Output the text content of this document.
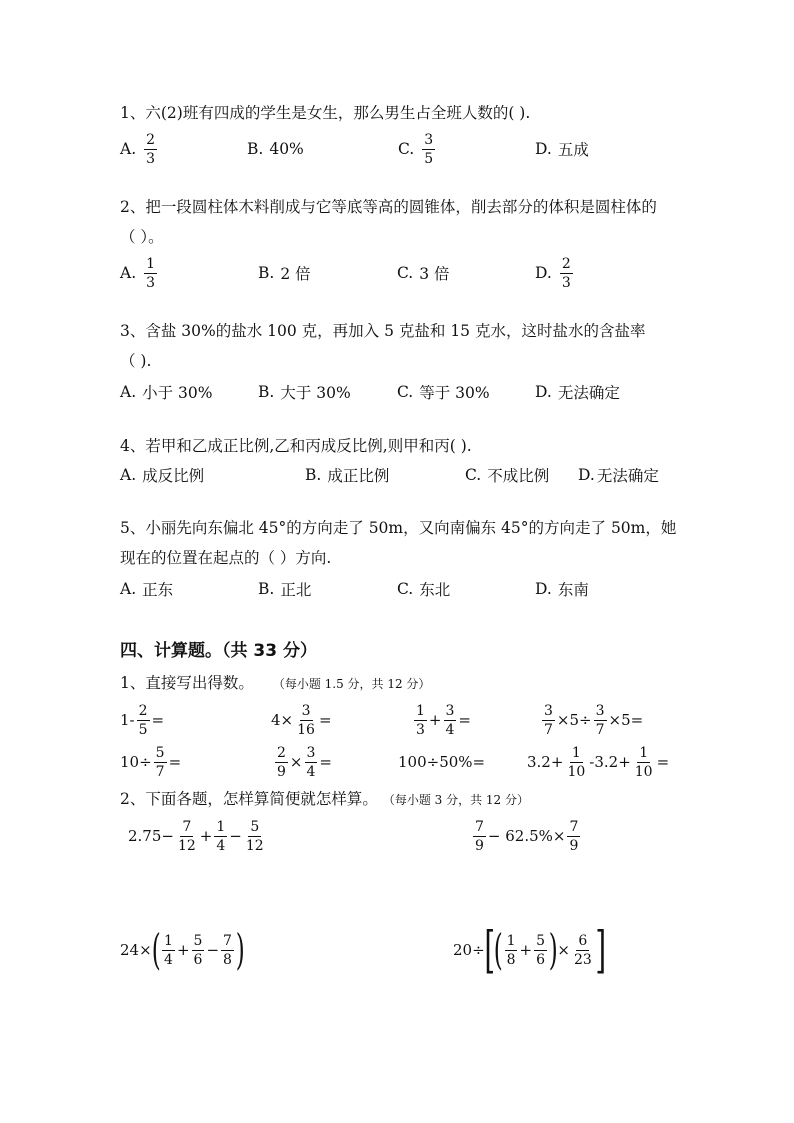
1、六(2)班有四成的学生是女生，那么男生占全班人数的( ).
A. $\frac{2}{3}$	B. 40%	C. $\frac{3}{5}$	D. 五成
2、把一段圆柱体木料削成与它等底等高的圆锥体，削去部分的体积是圆柱体的
（ ）。
A. $\frac{1}{3}$	B. 2 倍	C. 3 倍	D. $\frac{2}{3}$
3、含盐 30%的盐水 100 克，再加入 5 克盐和 15 克水，这时盐水的含盐率
（ ).
A. 小于 30%	B. 大于 30%	C. 等于 30%	D. 无法确定
4、若甲和乙成正比例,乙和丙成反比例,则甲和丙( ).
A. 成反比例	B. 成正比例	C. 不成比例 D. 无法确定
5、小丽先向东偏北 45°的方向走了 50m，又向南偏东 45°的方向走了 50m，她
现在的位置在起点的（ ）方向.
A. 正东	B. 正北	C. 东北	D. 东南
四、计算题。（共 33 分）
1、直接写出得数。 （每小题 1.5 分，共 12 分）
$1- \frac{2}{5}$ =	$4\times \frac{3}{16}$ =	$\frac{1}{3} + \frac{3}{4}$ =	$\frac{3}{7} \times 5\div \frac{3}{7} \times 5=$
$10\div \frac{5}{7}$ =	$\frac{2}{9} \times \frac{3}{4}$ =	100÷50%=	$3.2+ \frac{1}{10} -3.2+ \frac{1}{10}$ =
2、下面各题，怎样算简便就怎样算。 （每小题 3 分，共 12 分）
$2.75- \frac{7}{12} + \frac{1}{4} - \frac{5}{12}$	$\frac{7}{9} - 62.5\%\times \frac{7}{9}$
24× ( $\frac{1}{4} + \frac{5}{6} - \frac{7}{8}$ )	20÷ [ ( $\frac{1}{8} + \frac{5}{6}$ ) × $\frac{6}{23}$ ]
